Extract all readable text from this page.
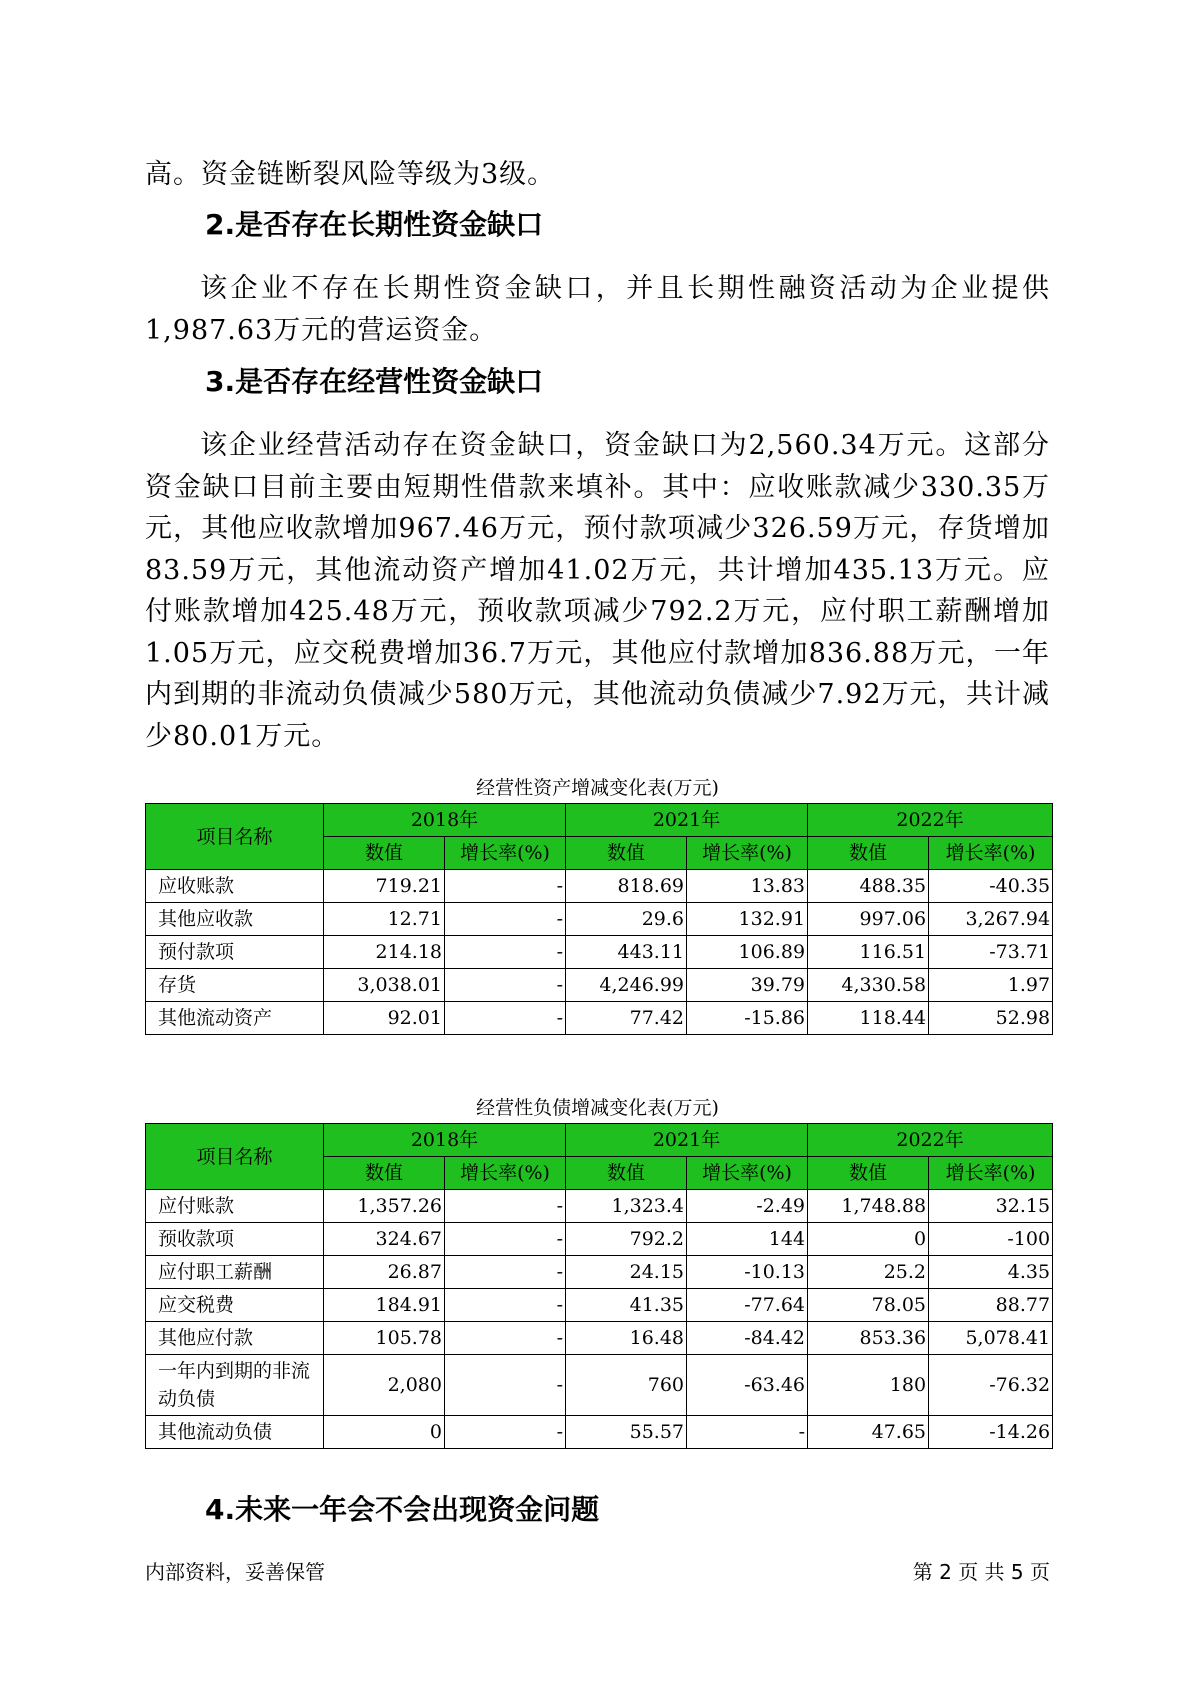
高。资金链断裂风险等级为3级。

2.是否存在长期性资金缺口

该企业不存在长期性资金缺口，并且长期性融资活动为企业提供1,987.63万元的营运资金。

3.是否存在经营性资金缺口

该企业经营活动存在资金缺口，资金缺口为2,560.34万元。这部分资金缺口目前主要由短期性借款来填补。其中：应收账款减少330.35万元，其他应收款增加967.46万元，预付款项减少326.59万元，存货增加83.59万元，其他流动资产增加41.02万元，共计增加435.13万元。应付账款增加425.48万元，预收款项减少792.2万元，应付职工薪酬增加1.05万元，应交税费增加36.7万元，其他应付款增加836.88万元，一年内到期的非流动负债减少580万元，其他流动负债减少7.92万元，共计减少80.01万元。

经营性资产增减变化表(万元)

项目名称	2018年		2021年		2022年	
	数值	增长率(%)	数值	增长率(%)	数值	增长率(%)
应收账款	719.21	-	818.69	13.83	488.35	-40.35
其他应收款	12.71	-	29.6	132.91	997.06	3,267.94
预付款项	214.18	-	443.11	106.89	116.51	-73.71
存货	3,038.01	-	4,246.99	39.79	4,330.58	1.97
其他流动资产	92.01	-	77.42	-15.86	118.44	52.98

经营性负债增减变化表(万元)

项目名称	2018年		2021年		2022年	
	数值	增长率(%)	数值	增长率(%)	数值	增长率(%)
应付账款	1,357.26	-	1,323.4	-2.49	1,748.88	32.15
预收款项	324.67	-	792.2	144	0	-100
应付职工薪酬	26.87	-	24.15	-10.13	25.2	4.35
应交税费	184.91	-	41.35	-77.64	78.05	88.77
其他应付款	105.78	-	16.48	-84.42	853.36	5,078.41
一年内到期的非流动负债	2,080	-	760	-63.46	180	-76.32
其他流动负债	0	-	55.57	-	47.65	-14.26
4.未来一年会不会出现资金问题
内部资料，妥善保管	第 2 页 共 5 页
